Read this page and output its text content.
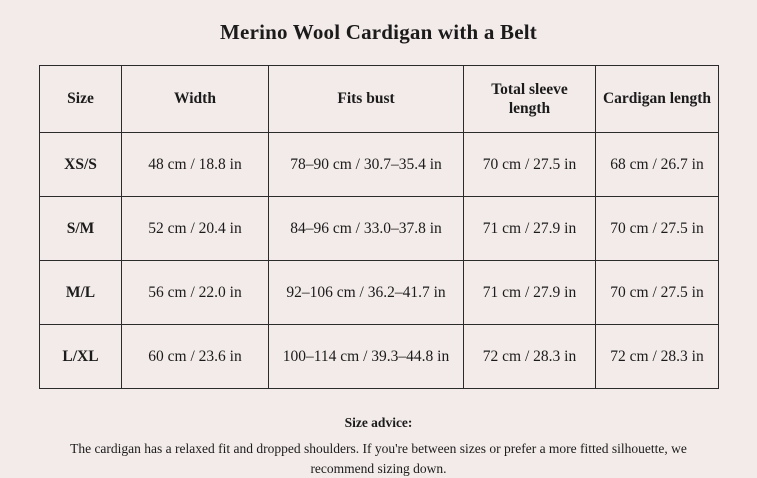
Merino Wool Cardigan with a Belt
Size	Width	Fits bust	Total sleeve length	Cardigan length
XS/S	48 cm / 18.8 in	78–90 cm / 30.7–35.4 in	70 cm / 27.5 in	68 cm / 26.7 in
S/M	52 cm / 20.4 in	84–96 cm / 33.0–37.8 in	71 cm / 27.9 in	70 cm / 27.5 in
M/L	56 cm / 22.0 in	92–106 cm / 36.2–41.7 in	71 cm / 27.9 in	70 cm / 27.5 in
L/XL	60 cm / 23.6 in	100–114 cm / 39.3–44.8 in	72 cm / 28.3 in	72 cm / 28.3 in
Size advice:
The cardigan has a relaxed fit and dropped shoulders. If you're between sizes or prefer a more fitted silhouette, we recommend sizing down.
